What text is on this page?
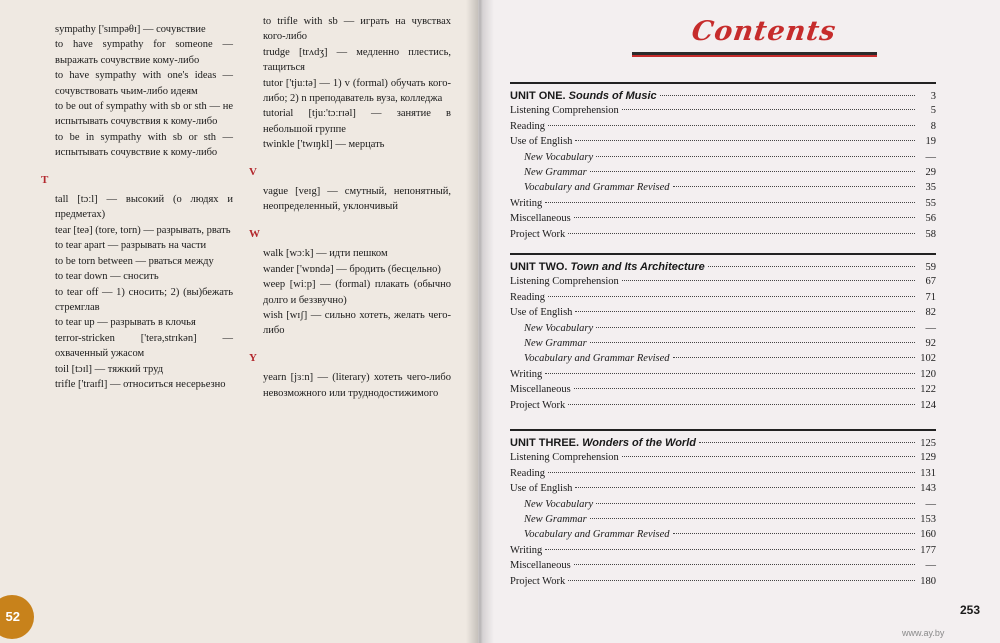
sympathy ['sɪmpəθɪ] — сочувствие
to have sympathy for someone — выражать сочувствие кому-либо
to have sympathy with one's ideas — сочувствовать чьим-либо идеям
to be out of sympathy with sb or sth — не испытывать сочувствия к кому-либо
to be in sympathy with sb or sth — испытывать сочувствие к кому-либо
T
tall [tɔːl] — высокий (о людях и предметах)
tear [teə] (tore, torn) — разрывать, рвать
to tear apart — разрывать на части
to be torn between — рваться между
to tear down — сносить
to tear off — 1) сносить; 2) (вы)бежать стремглав
to tear up — разрывать в клочья
terror-stricken ['terə,strɪkən] — охваченный ужасом
toil [tɔɪl] — тяжкий труд
trifle ['traɪfl] — относиться несерьезно
to trifle with sb — играть на чувствах кого-либо
trudge [trʌdʒ] — медленно плестись, тащиться
tutor ['tjuːtə] — 1) v (formal) обучать кого-либо; 2) n преподаватель вуза, колледжа
tutorial [tjuː'tɔːrɪəl] — занятие в небольшой группе
twinkle ['twɪŋkl] — мерцать
V
vague [veɪg] — смутный, непонятный, неопределенный, уклончивый
W
walk [wɔːk] — идти пешком
wander ['wɒndə] — бродить (бесцельно)
weep [wiːp] — (formal) плакать (обычно долго и беззвучно)
wish [wɪʃ] — сильно хотеть, желать чего-либо
Y
yearn [jɜːn] — (literary) хотеть чего-либо невозможного или труднодостижимого
52
Contents
UNIT ONE. Sounds of Music	3
Listening Comprehension	5
Reading	8
Use of English	19
New Vocabulary	—
New Grammar	29
Vocabulary and Grammar Revised	35
Writing	55
Miscellaneous	56
Project Work	58
UNIT TWO. Town and Its Architecture	59
Listening Comprehension	67
Reading	71
Use of English	82
New Vocabulary	—
New Grammar	92
Vocabulary and Grammar Revised	102
Writing	120
Miscellaneous	122
Project Work	124
UNIT THREE. Wonders of the World	125
Listening Comprehension	129
Reading	131
Use of English	143
New Vocabulary	—
New Grammar	153
Vocabulary and Grammar Revised	160
Writing	177
Miscellaneous	—
Project Work	180
253
www.ay.by
